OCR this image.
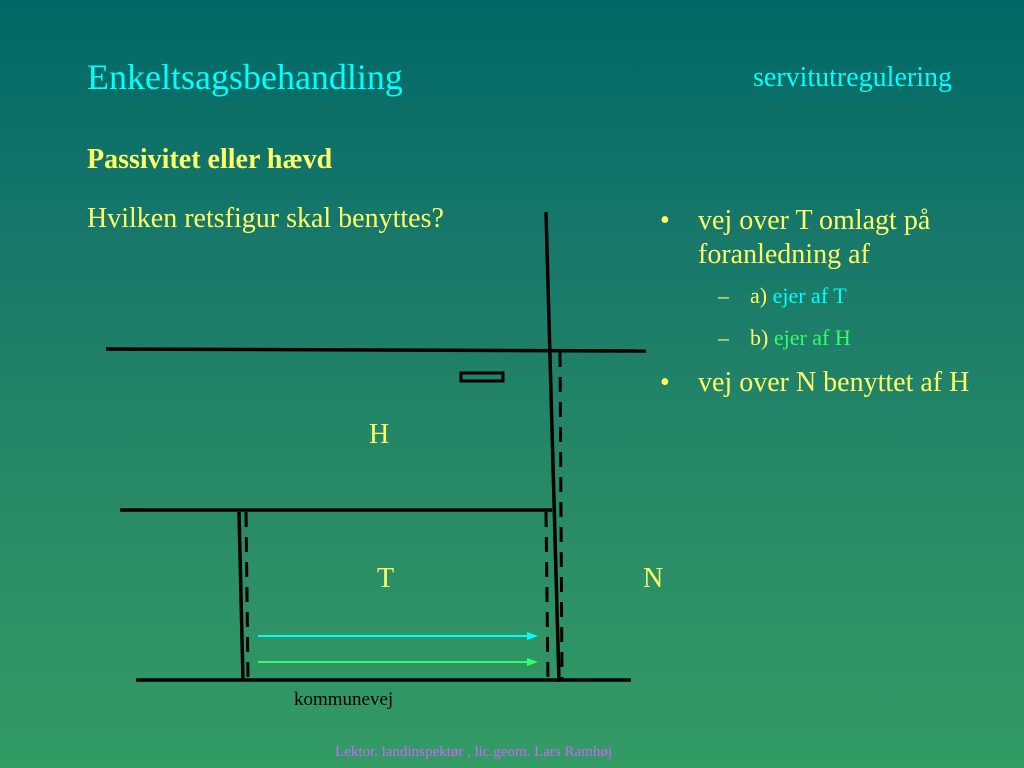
Enkeltsagsbehandling	servitutregulering
Passivitet eller hævd
Hvilken retsfigur skal benyttes?
H
T	N
kommunevej
• vej over T omlagt på foranledning af
– a) ejer af T
– b) ejer af H
• vej over N benyttet af H
Lektor. landinspektør , lic.geom. Lars Ramhøj
